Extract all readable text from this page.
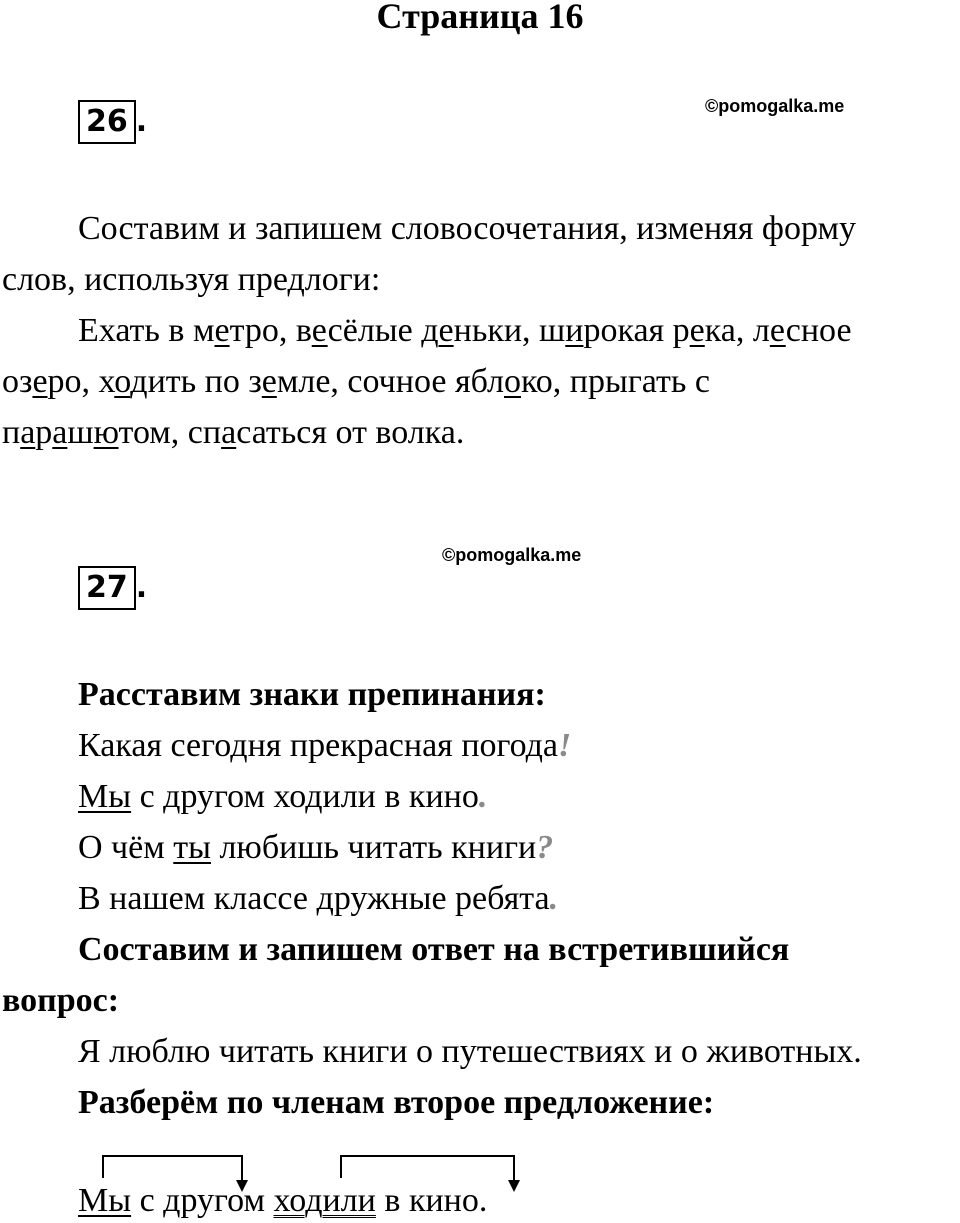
Страница 16
26 .	©pomogalka.me
Составим и запишем словосочетания, изменяя форму
слов, используя предлоги:
Ехать в метро, весёлые деньки, широкая река, лесное
озеро, ходить по земле, сочное яблоко, прыгать с
парашютом, спасаться от волка.
©pomogalka.me
27 .
Расставим знаки препинания:
Какая сегодня прекрасная погода!
Мы с другом ходили в кино.
О чём ты любишь читать книги?
В нашем классе дружные ребята.
Составим и запишем ответ на встретившийся
вопрос:
Я люблю читать книги о путешествиях и о животных.
Разберём по членам второе предложение:
Мы с другом ходили в кино.
